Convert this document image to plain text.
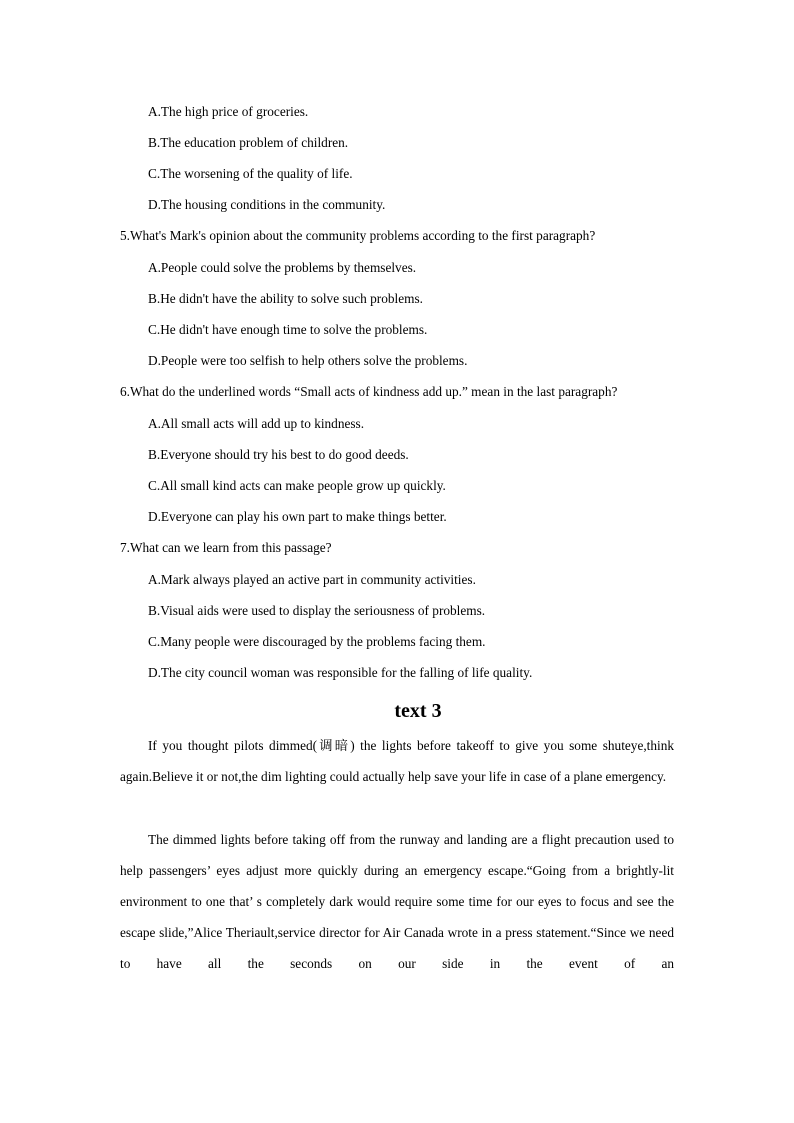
A.The high price of groceries.
B.The education problem of children.
C.The worsening of the quality of life.
D.The housing conditions in the community.
5.What's Mark's opinion about the community problems according to the first paragraph?
A.People could solve the problems by themselves.
B.He didn't have the ability to solve such problems.
C.He didn't have enough time to solve the problems.
D.People were too selfish to help others solve the problems.
6.What do the underlined words “Small acts of kindness add up.” mean in the last paragraph?
A.All small acts will add up to kindness.
B.Everyone should try his best to do good deeds.
C.All small kind acts can make people grow up quickly.
D.Everyone can play his own part to make things better.
7.What can we learn from this passage?
A.Mark always played an active part in community activities.
B.Visual aids were used to display the seriousness of problems.
C.Many people were discouraged by the problems facing them.
D.The city council woman was responsible for the falling of life quality.
text 3
If you thought pilots dimmed(调暗) the lights before takeoff to give you some shuteye,think again.Believe it or not,the dim lighting could actually help save your life in case of a plane emergency.
The dimmed lights before taking off from the runway and landing are a flight precaution used to help passengers’ eyes adjust more quickly during an emergency escape.“Going from a brightly-lit environment to one that’ s completely dark would require some time for our eyes to focus and see the escape slide,”Alice Theriault,service director for Air Canada wrote in a press statement.“Since we need to have all the seconds on our side in the event of an
